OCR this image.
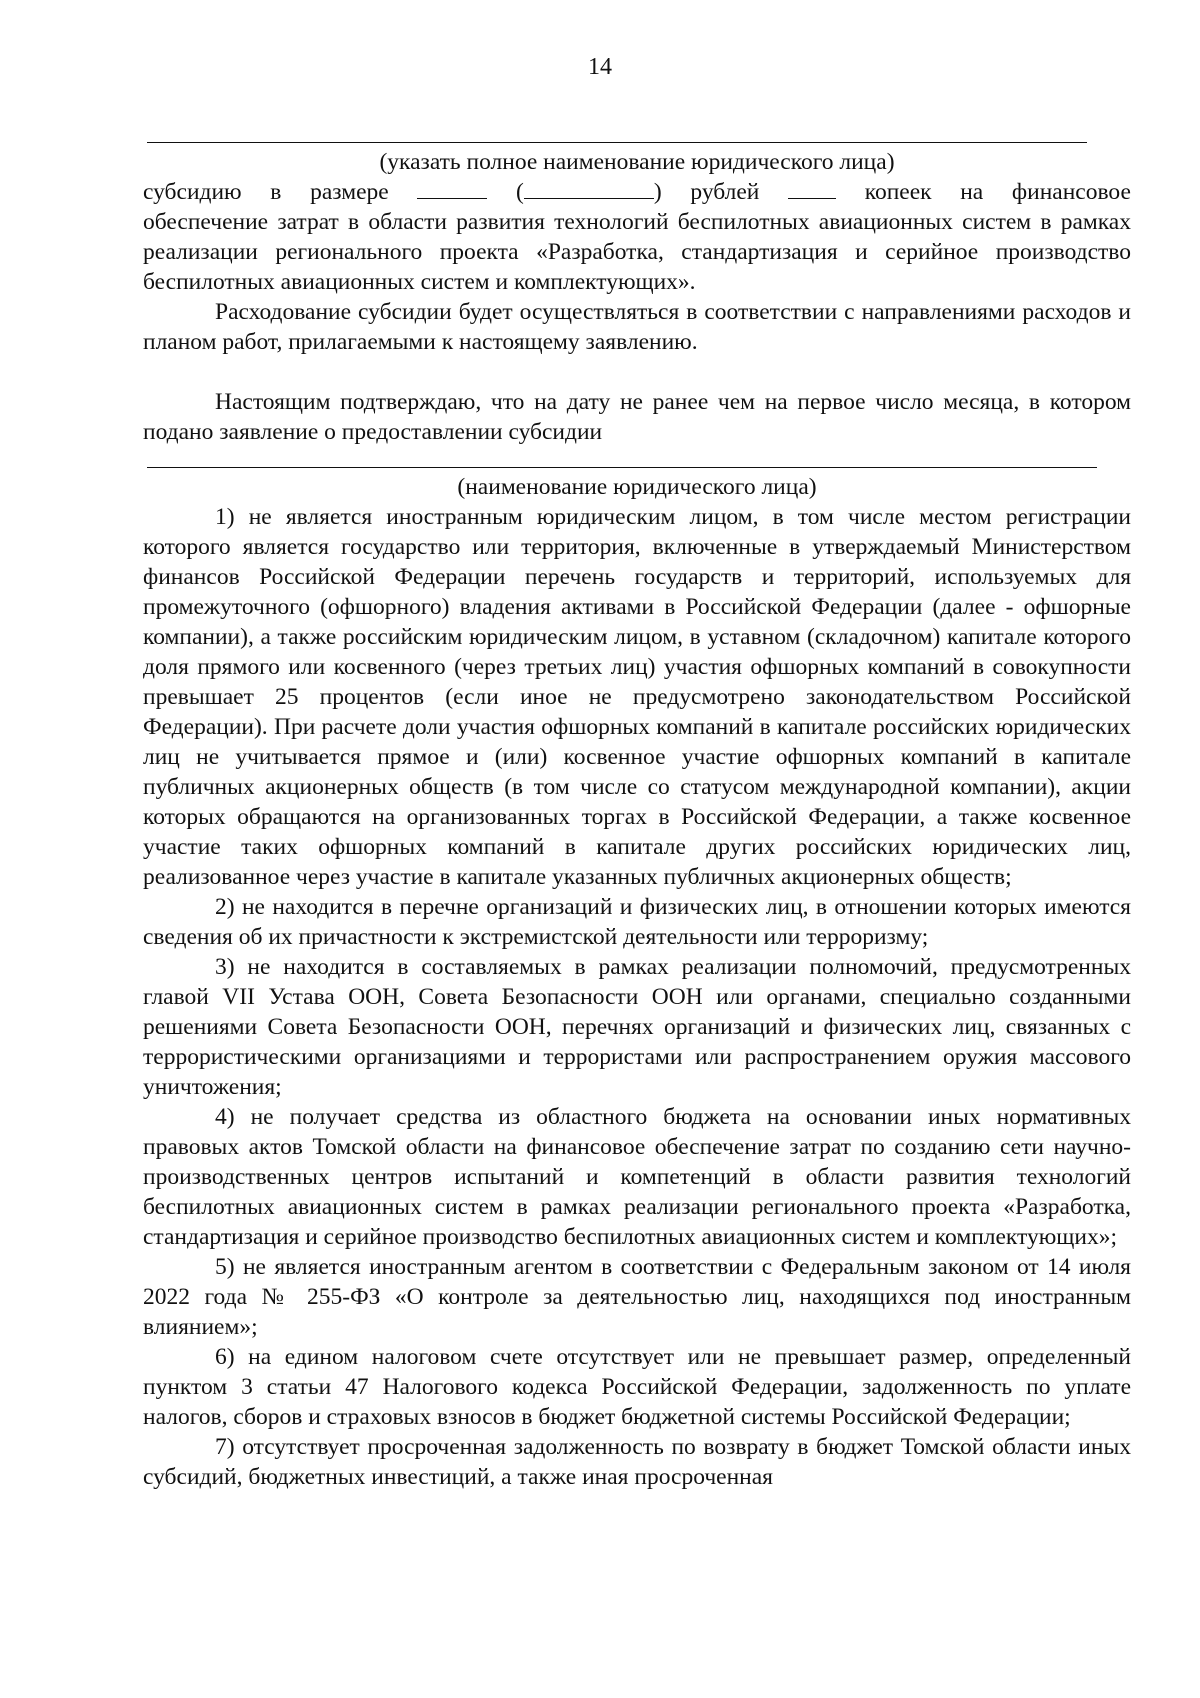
14
(указать полное наименование юридического лица)
субсидию в размере	(	) рублей	копеек на финансовое

обеспечение затрат в области развития технологий беспилотных авиационных систем в рамках реализации регионального проекта «Разработка, стандартизация и серийное производство беспилотных авиационных систем и комплектующих».

Расходование субсидии будет осуществляться в соответствии с направлениями расходов и планом работ, прилагаемыми к настоящему заявлению.

Настоящим подтверждаю, что на дату не ранее чем на первое число месяца, в котором подано заявление о предоставлении субсидии

(наименование юридического лица)

1) не является иностранным юридическим лицом, в том числе местом регистрации которого является государство или территория, включенные в утверждаемый Министерством финансов Российской Федерации перечень государств и территорий, используемых для промежуточного (офшорного) владения активами в Российской Федерации (далее - офшорные компании), а также российским юридическим лицом, в уставном (складочном) капитале которого доля прямого или косвенного (через третьих лиц) участия офшорных компаний в совокупности превышает 25 процентов (если иное не предусмотрено законодательством Российской Федерации). При расчете доли участия офшорных компаний в капитале российских юридических лиц не учитывается прямое и (или) косвенное участие офшорных компаний в капитале публичных акционерных обществ (в том числе со статусом международной компании), акции которых обращаются на организованных торгах в Российской Федерации, а также косвенное участие таких офшорных компаний в капитале других российских юридических лиц, реализованное через участие в капитале указанных публичных акционерных обществ;

2) не находится в перечне организаций и физических лиц, в отношении которых имеются сведения об их причастности к экстремистской деятельности или терроризму;

3) не находится в составляемых в рамках реализации полномочий, предусмотренных главой VII Устава ООН, Совета Безопасности ООН или органами, специально созданными решениями Совета Безопасности ООН, перечнях организаций и физических лиц, связанных с террористическими организациями и террористами или распространением оружия массового уничтожения;

4) не получает средства из областного бюджета на основании иных нормативных правовых актов Томской области на финансовое обеспечение затрат по созданию сети научно-производственных центров испытаний и компетенций в области развития технологий беспилотных авиационных систем в рамках реализации регионального проекта «Разработка, стандартизация и серийное производство беспилотных авиационных систем и комплектующих»;

5) не является иностранным агентом в соответствии с Федеральным законом от 14 июля 2022 года № 255-ФЗ «О контроле за деятельностью лиц, находящихся под иностранным влиянием»;

6) на едином налоговом счете отсутствует или не превышает размер, определенный пунктом 3 статьи 47 Налогового кодекса Российской Федерации, задолженность по уплате налогов, сборов и страховых взносов в бюджет бюджетной системы Российской Федерации;

7) отсутствует просроченная задолженность по возврату в бюджет Томской области иных субсидий, бюджетных инвестиций, а также иная просроченная
